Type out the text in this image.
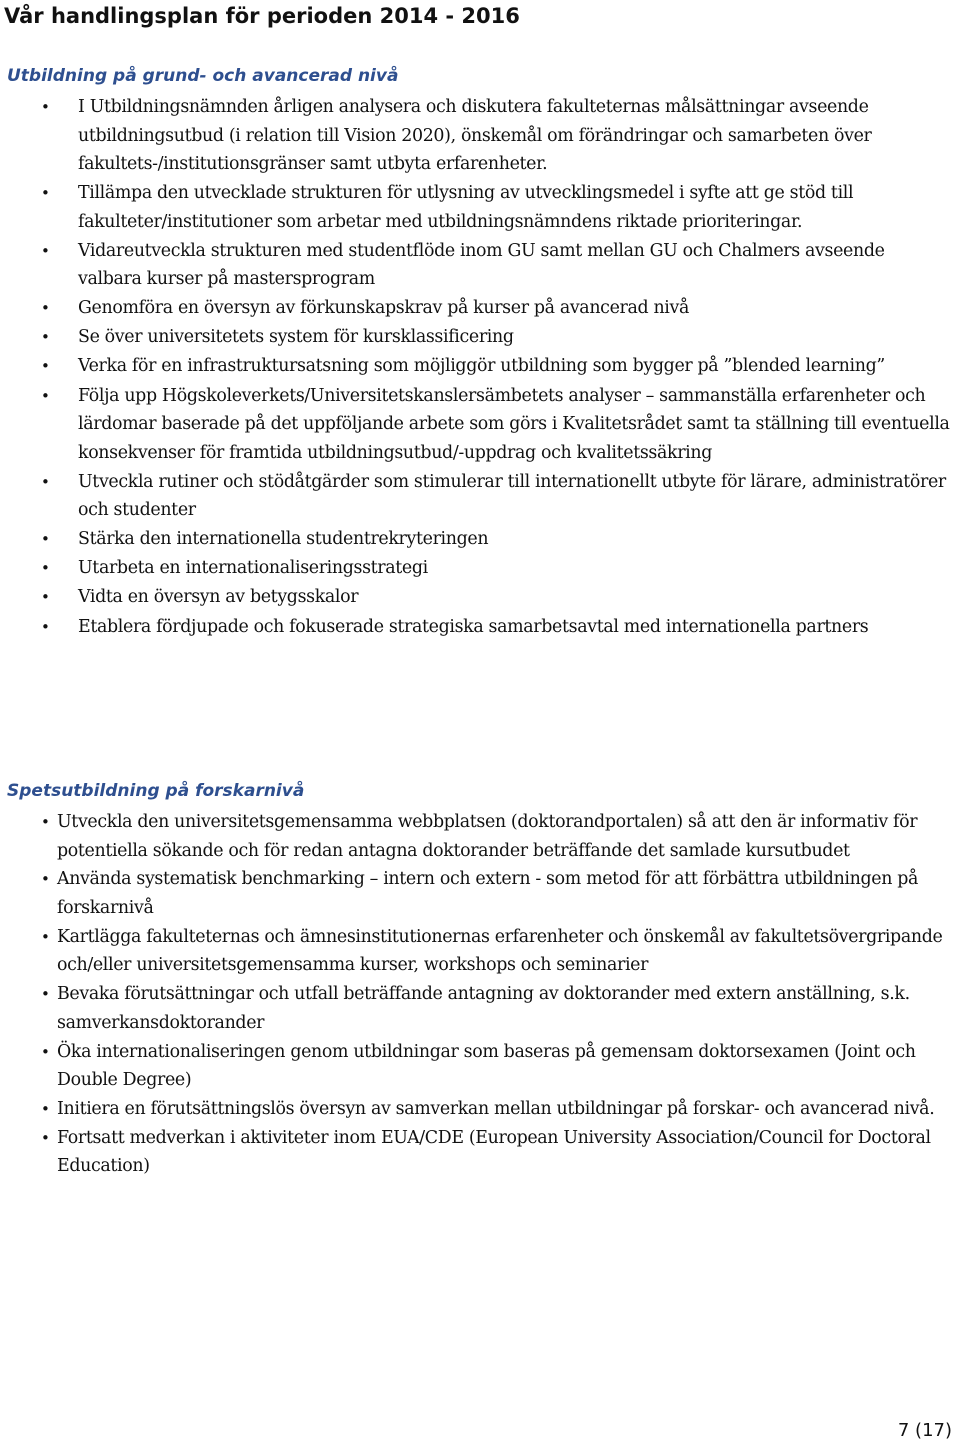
Vår handlingsplan för perioden 2014 - 2016
Utbildning på grund- och avancerad nivå
• I Utbildningsnämnden årligen analysera och diskutera fakulteternas målsättningar avseende utbildningsutbud (i relation till Vision 2020), önskemål om förändringar och samarbeten över fakultets-/institutionsgränser samt utbyta erfarenheter.
• Tillämpa den utvecklade strukturen för utlysning av utvecklingsmedel i syfte att ge stöd till fakulteter/institutioner som arbetar med utbildningsnämndens riktade prioriteringar.
• Vidareutveckla strukturen med studentflöde inom GU samt mellan GU och Chalmers avseende valbara kurser på mastersprogram
• Genomföra en översyn av förkunskapskrav på kurser på avancerad nivå
• Se över universitetets system för kursklassificering
• Verka för en infrastruktursatsning som möjliggör utbildning som bygger på ”blended learning”
• Följa upp Högskoleverkets/Universitetskanslersämbetets analyser – sammanställa erfarenheter och lärdomar baserade på det uppföljande arbete som görs i Kvalitetsrådet samt ta ställning till eventuella konsekvenser för framtida utbildningsutbud/-uppdrag och kvalitetssäkring
• Utveckla rutiner och stödåtgärder som stimulerar till internationellt utbyte för lärare, administratörer och studenter
• Stärka den internationella studentrekryteringen
• Utarbeta en internationaliseringsstrategi
• Vidta en översyn av betygsskalor
• Etablera fördjupade och fokuserade strategiska samarbetsavtal med internationella partners
Spetsutbildning på forskarnivå
• Utveckla den universitetsgemensamma webbplatsen (doktorandportalen) så att den är informativ för potentiella sökande och för redan antagna doktorander beträffande det samlade kursutbudet
• Använda systematisk benchmarking – intern och extern - som metod för att förbättra utbildningen på forskarnivå
• Kartlägga fakulteternas och ämnesinstitutionernas erfarenheter och önskemål av fakultetsövergripande och/eller universitetsgemensamma kurser, workshops och seminarier
• Bevaka förutsättningar och utfall beträffande antagning av doktorander med extern anställning, s.k. samverkansdoktorander
• Öka internationaliseringen genom utbildningar som baseras på gemensam doktorsexamen (Joint och Double Degree)
• Initiera en förutsättningslös översyn av samverkan mellan utbildningar på forskar- och avancerad nivå.
• Fortsatt medverkan i aktiviteter inom EUA/CDE (European University Association/Council for Doctoral Education)
7 (17)
